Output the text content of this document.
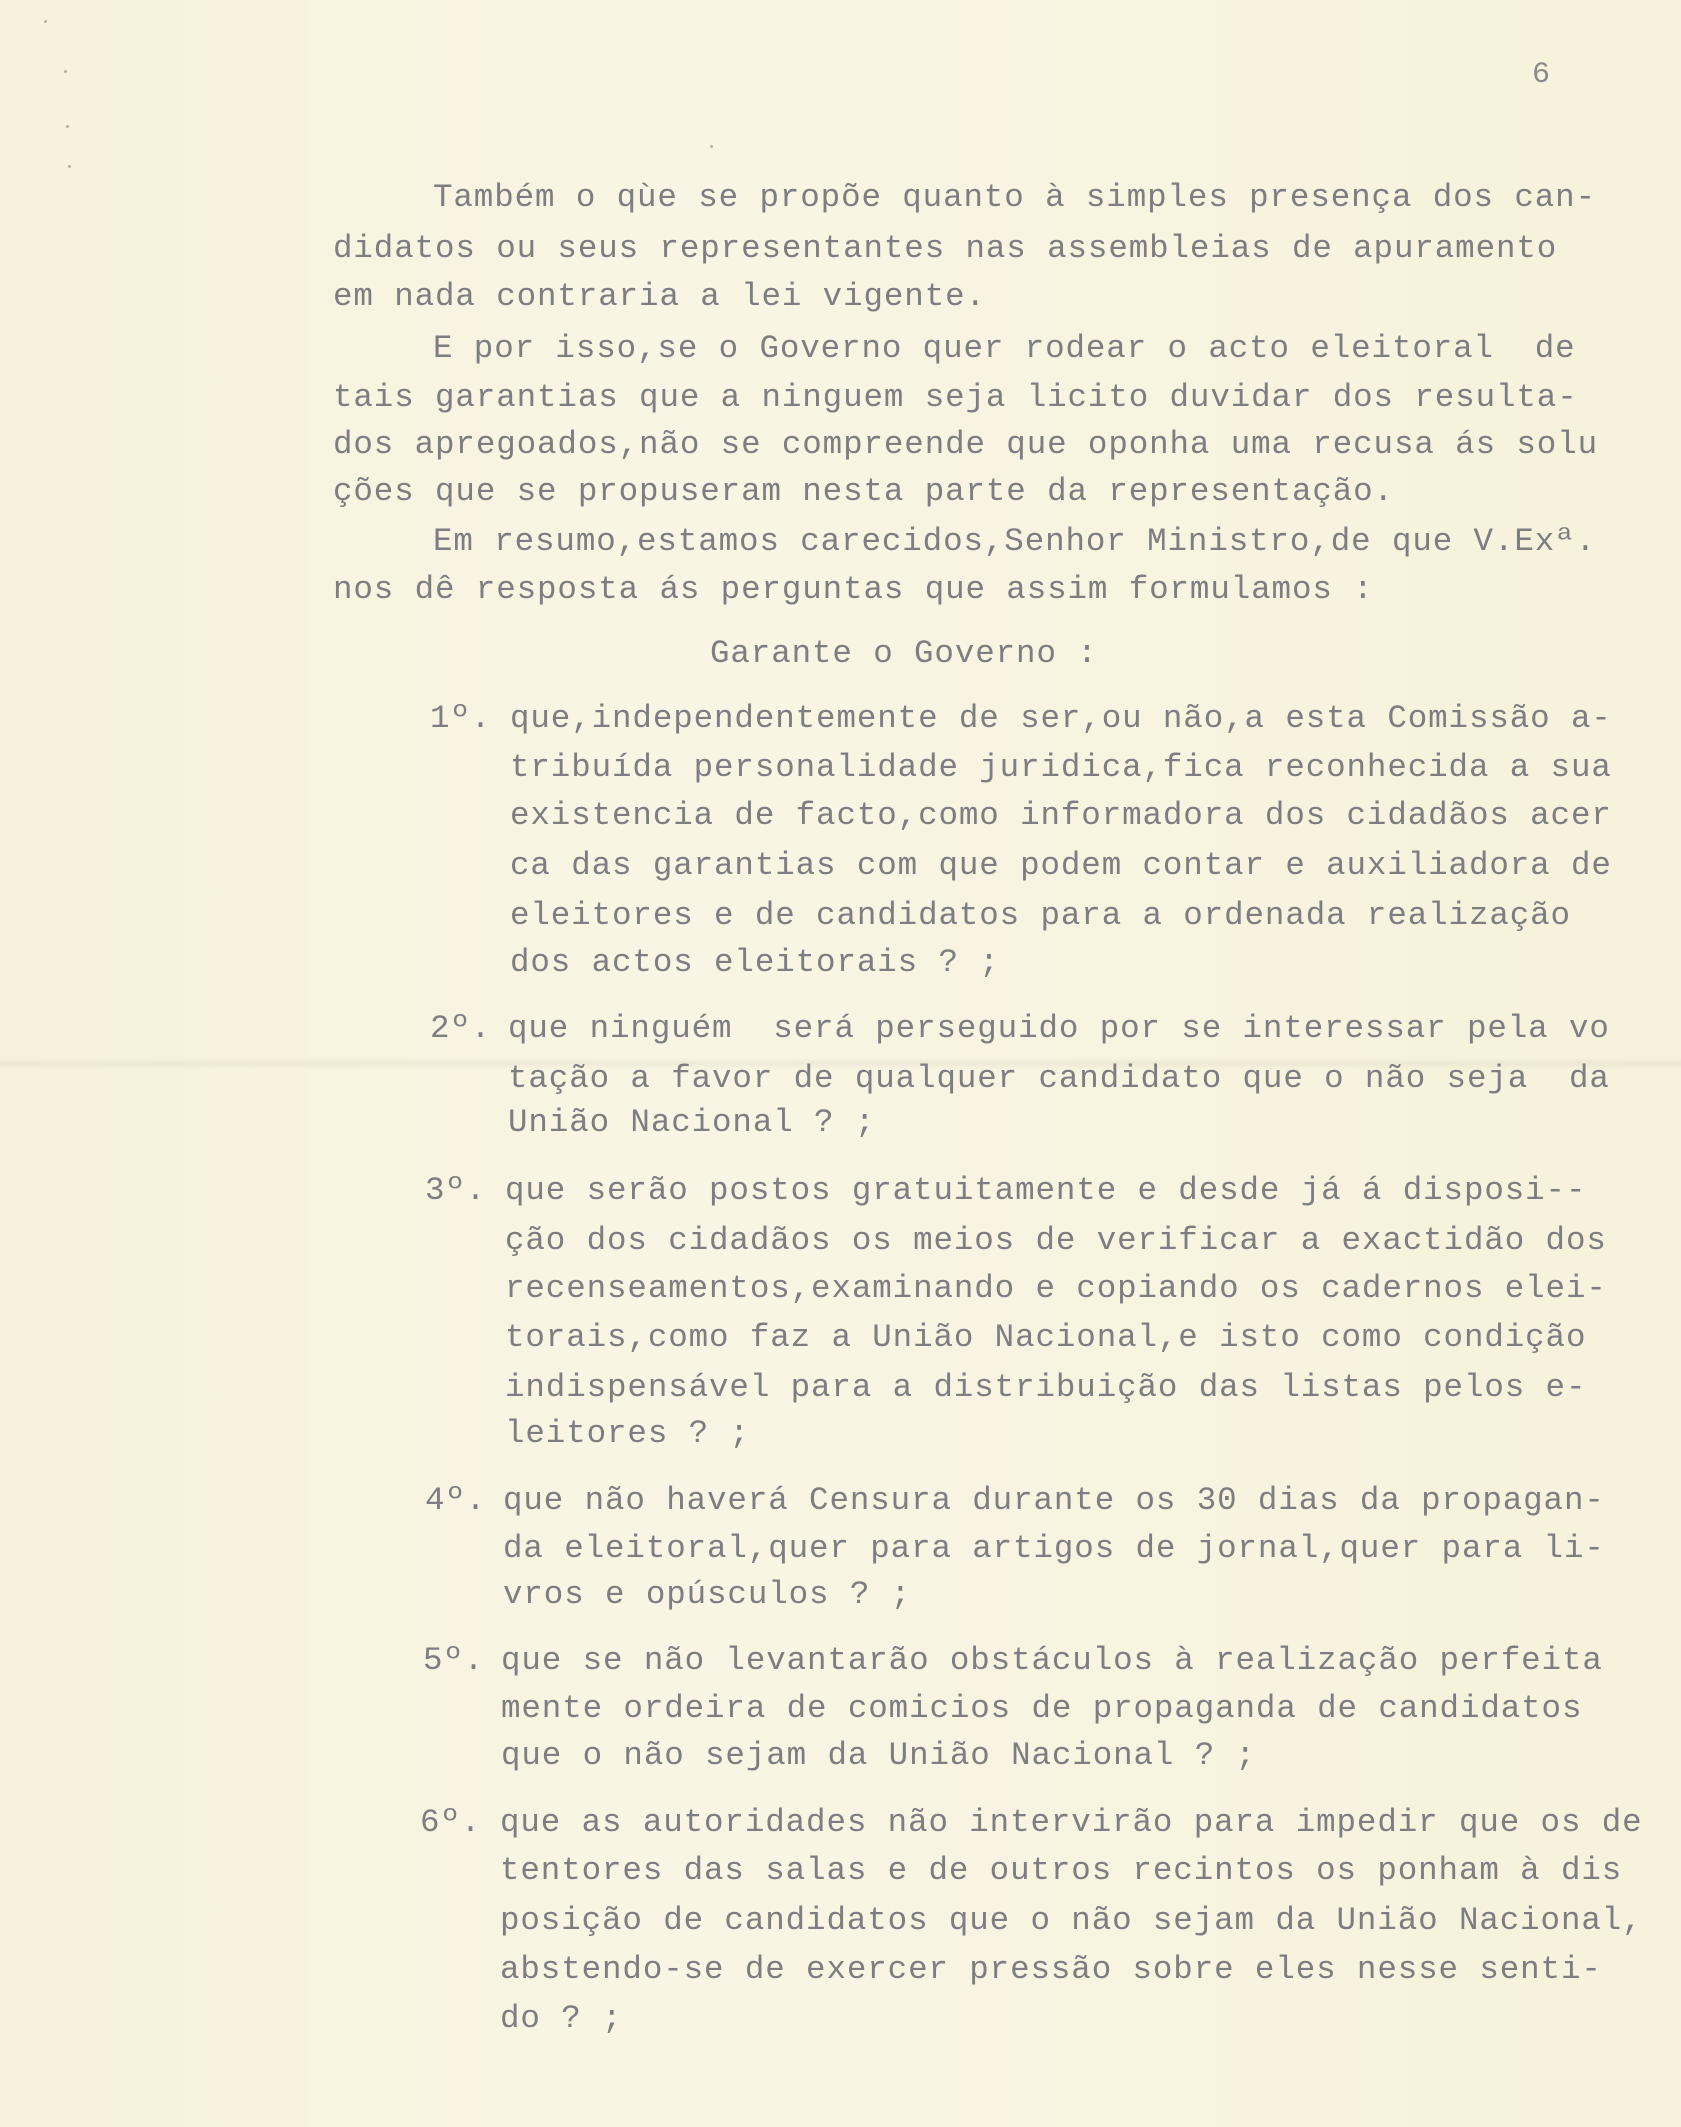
6
Também o qùe se propõe quanto à simples presença dos can-
didatos ou seus representantes nas assembleias de apuramento
em nada contraria a lei vigente.
E por isso,se o Governo quer rodear o acto eleitoral  de
tais garantias que a ninguem seja licito duvidar dos resulta-
dos apregoados,não se compreende que oponha uma recusa ás solu
ções que se propuseram nesta parte da representação.
Em resumo,estamos carecidos,Senhor Ministro,de que V.Exª.
nos dê resposta ás perguntas que assim formulamos :
Garante o Governo :
1º. que,independentemente de ser,ou não,a esta Comissão a-
tribuída personalidade juridica,fica reconhecida a sua
existencia de facto,como informadora dos cidadãos acer
ca das garantias com que podem contar e auxiliadora de
eleitores e de candidatos para a ordenada realização
dos actos eleitorais ? ;
2º. que ninguém  será perseguido por se interessar pela vo
tação a favor de qualquer candidato que o não seja  da
União Nacional ? ;
3º. que serão postos gratuitamente e desde já á disposi--
ção dos cidadãos os meios de verificar a exactidão dos
recenseamentos,examinando e copiando os cadernos elei-
torais,como faz a União Nacional,e isto como condição
indispensável para a distribuição das listas pelos e-
leitores ? ;
4º. que não haverá Censura durante os 30 dias da propagan-
da eleitoral,quer para artigos de jornal,quer para li-
vros e opúsculos ? ;
5º. que se não levantarão obstáculos à realização perfeita
mente ordeira de comicios de propaganda de candidatos
que o não sejam da União Nacional ? ;
6º. que as autoridades não intervirão para impedir que os de
tentores das salas e de outros recintos os ponham à dis
posição de candidatos que o não sejam da União Nacional,
abstendo-se de exercer pressão sobre eles nesse senti-
do ? ;
